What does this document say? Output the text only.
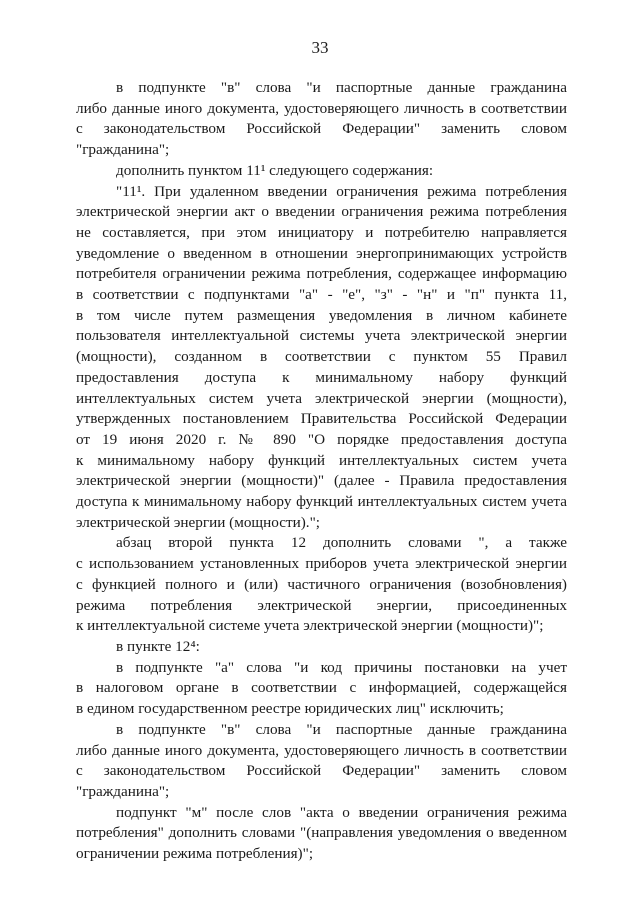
33

в подпункте "в" слова "и паспортные данные гражданина
либо данные иного документа, удостоверяющего личность в соответствии
с законодательством Российской Федерации" заменить словом
"гражданина";

дополнить пунктом 11¹ следующего содержания:

"11¹. При удаленном введении ограничения режима потребления
электрической энергии акт о введении ограничения режима потребления
не составляется, при этом инициатору и потребителю направляется
уведомление о введенном в отношении энергопринимающих устройств
потребителя ограничении режима потребления, содержащее информацию
в соответствии с подпунктами "а" - "е", "з" - "н" и "п" пункта 11,
в том числе путем размещения уведомления в личном кабинете
пользователя интеллектуальной системы учета электрической энергии
(мощности), созданном в соответствии с пунктом 55 Правил
предоставления доступа к минимальному набору функций
интеллектуальных систем учета электрической энергии (мощности),
утвержденных постановлением Правительства Российской Федерации
от 19 июня 2020 г. № 890 "О порядке предоставления доступа
к минимальному набору функций интеллектуальных систем учета
электрической энергии (мощности)" (далее - Правила предоставления
доступа к минимальному набору функций интеллектуальных систем учета
электрической энергии (мощности).";

абзац второй пункта 12 дополнить словами ", а также
с использованием установленных приборов учета электрической энергии
с функцией полного и (или) частичного ограничения (возобновления)
режима потребления электрической энергии, присоединенных
к интеллектуальной системе учета электрической энергии (мощности)";

в пункте 12⁴:

в подпункте "а" слова "и код причины постановки на учет
в налоговом органе в соответствии с информацией, содержащейся
в едином государственном реестре юридических лиц" исключить;

в подпункте "в" слова "и паспортные данные гражданина
либо данные иного документа, удостоверяющего личность в соответствии
с законодательством Российской Федерации" заменить словом
"гражданина";

подпункт "м" после слов "акта о введении ограничения режима
потребления" дополнить словами "(направления уведомления о введенном
ограничении режима потребления)";
